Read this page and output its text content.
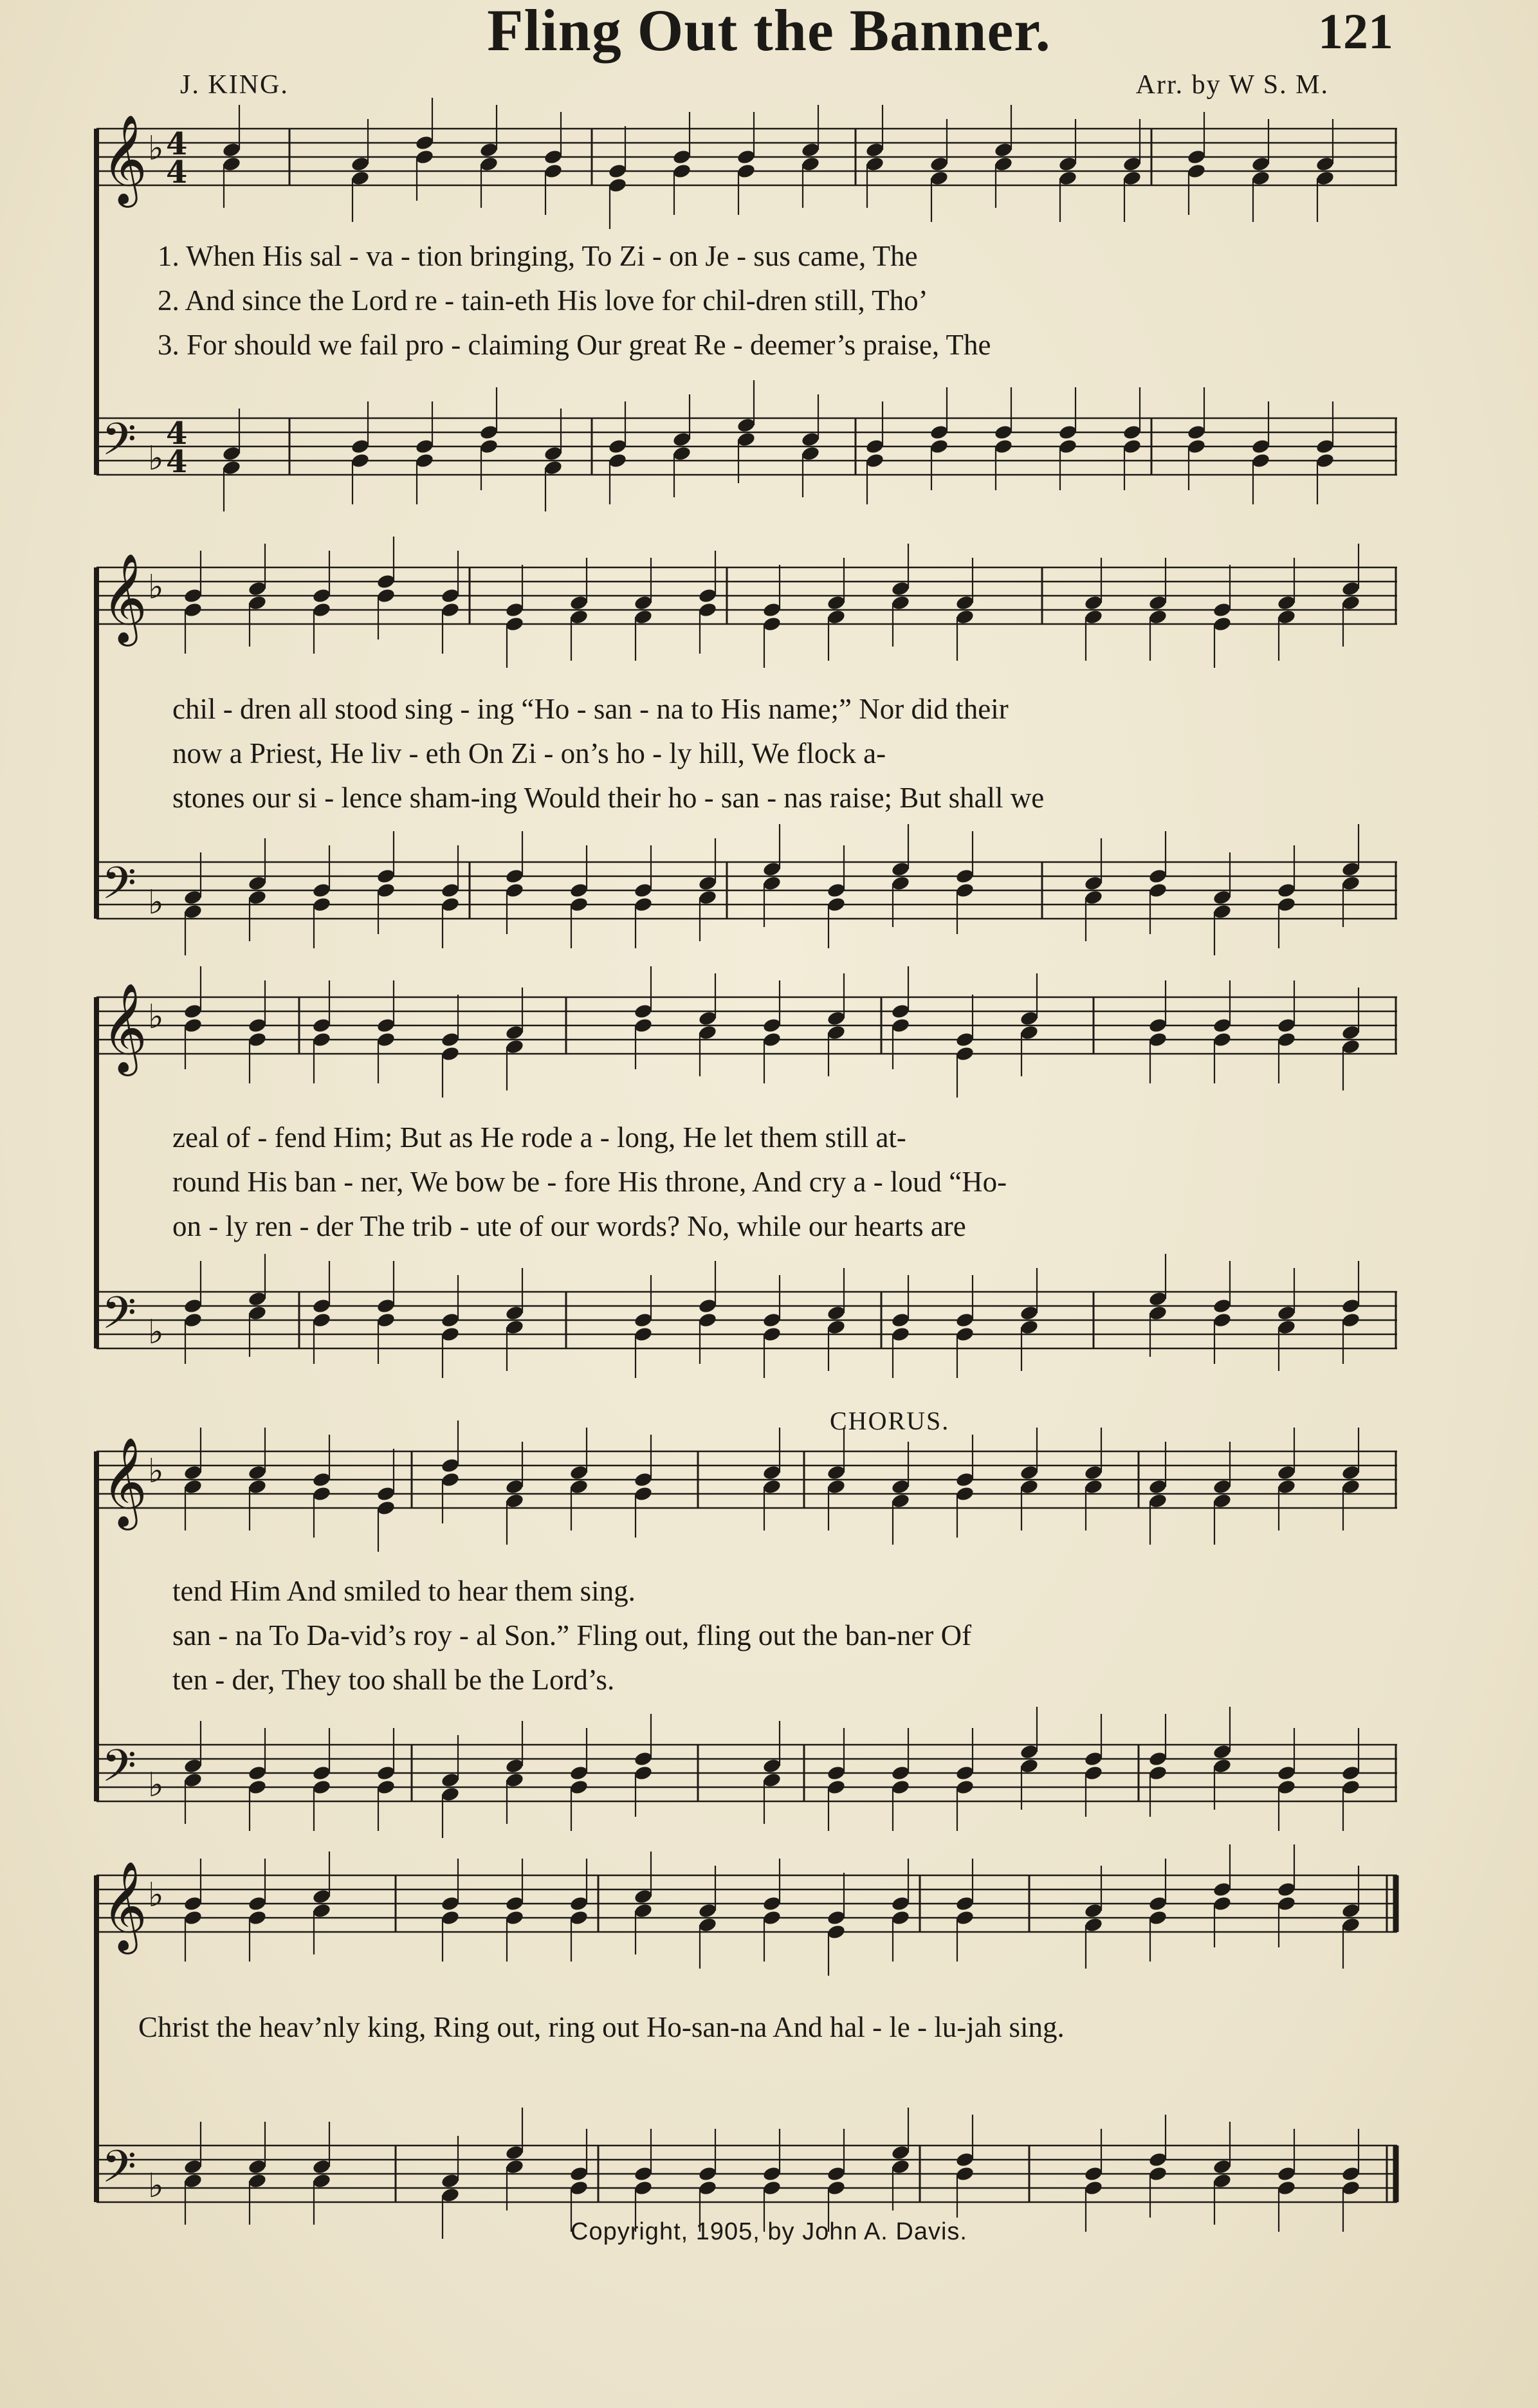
Fling Out the Banner.	121
J. KING.	Arr. by W S. M.
𝄞 ♭
𝄢 ♭
4
4
4
4
𝄞 ♭
𝄢 ♭
𝄞 ♭
𝄢 ♭
𝄞 ♭
𝄢 ♭
𝄞 ♭
𝄢 ♭
1. When His sal - va - tion bringing, To Zi - on Je - sus came, The
2. And since the Lord re - tain-eth His love for chil-dren still, Tho’
3. For should we fail pro - claiming Our great Re - deemer’s praise, The
chil - dren all stood sing - ing “Ho - san - na to His name;” Nor did their
now a Priest, He liv - eth On Zi - on’s ho - ly hill, We flock a-
stones our si - lence sham-ing Would their ho - san - nas raise; But shall we
zeal of - fend Him; But as He rode a - long, He let them still at-
round His ban - ner, We bow be - fore His throne, And cry a - loud “Ho-
on - ly ren - der The trib - ute of our words? No, while our hearts are
CHORUS.
tend Him And smiled to hear them sing.
san - na To Da-vid’s roy - al Son.” Fling out, fling out the ban-ner Of
ten - der, They too shall be the Lord’s.
Christ the heav’nly king, Ring out, ring out Ho-san-na And hal - le - lu-jah sing.
Copyright, 1905, by John A. Davis.
